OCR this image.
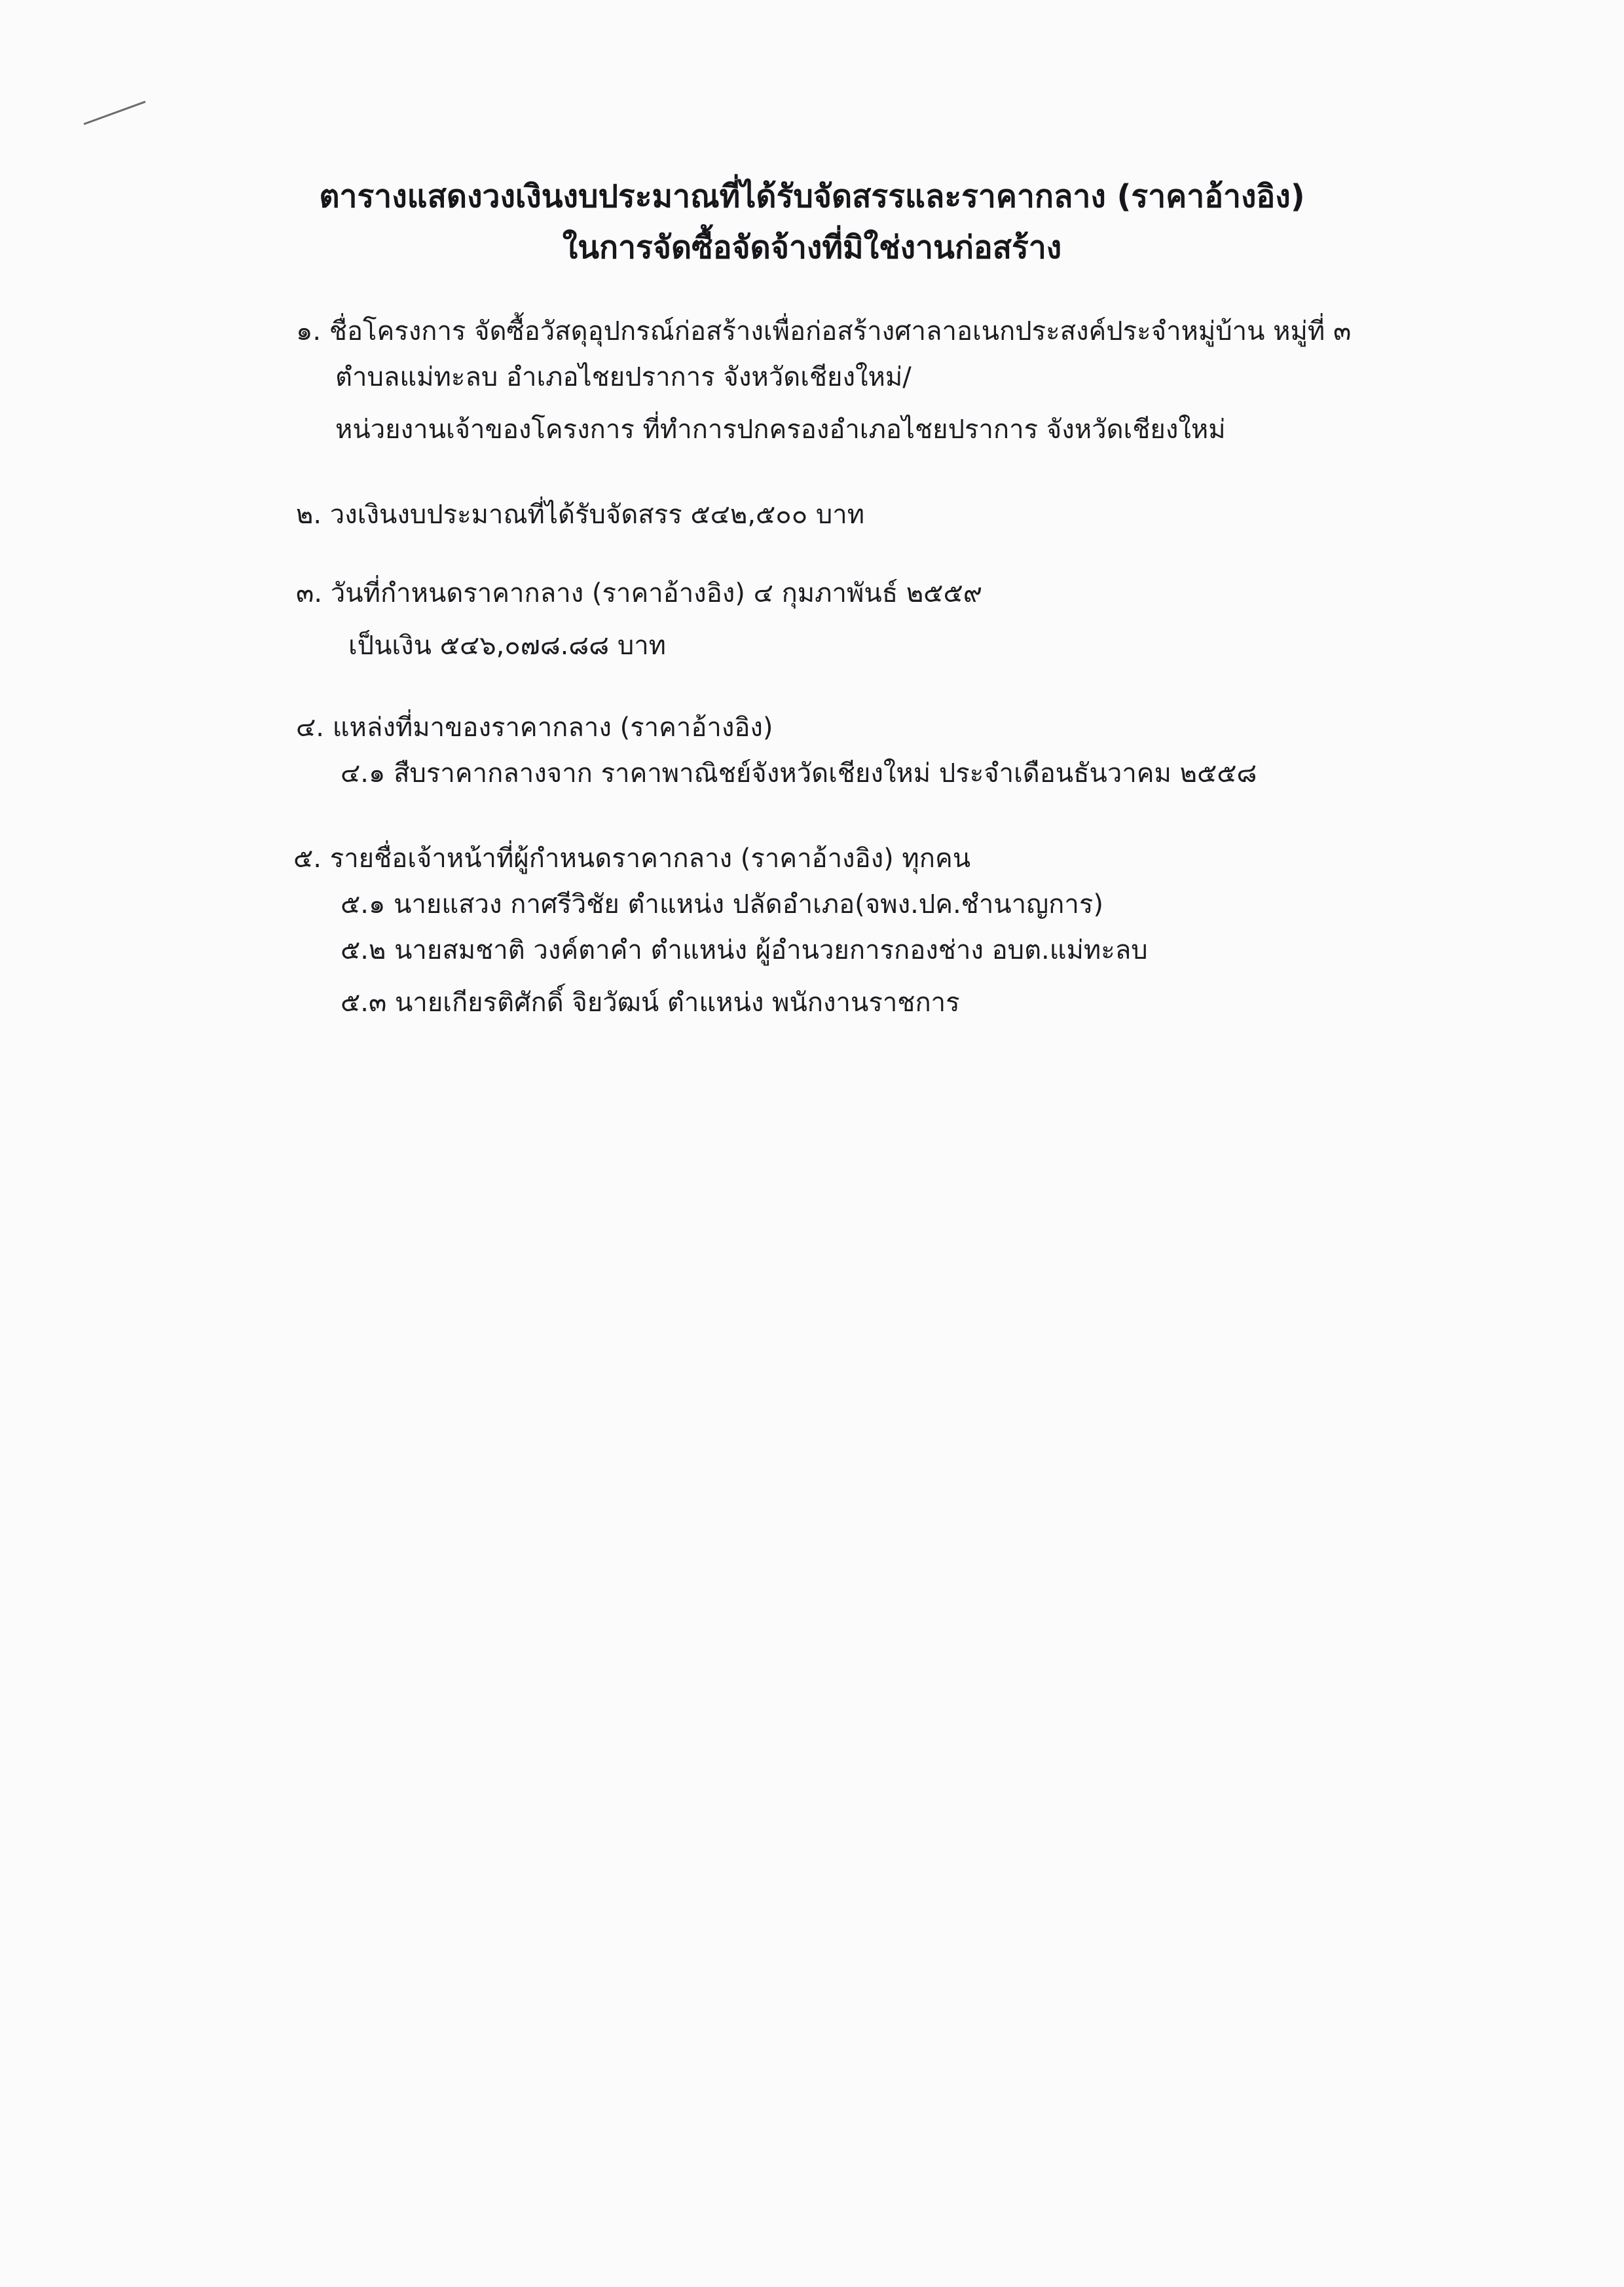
ตารางแสดงวงเงินงบประมาณที่ได้รับจัดสรรและราคากลาง (ราคาอ้างอิง)
ในการจัดซื้อจัดจ้างที่มิใช่งานก่อสร้าง
๑. ชื่อโครงการ จัดซื้อวัสดุอุปกรณ์ก่อสร้างเพื่อก่อสร้างศาลาอเนกประสงค์ประจำหมู่บ้าน หมู่ที่ ๓
ตำบลแม่ทะลบ อำเภอไชยปราการ จังหวัดเชียงใหม่/
หน่วยงานเจ้าของโครงการ ที่ทำการปกครองอำเภอไชยปราการ จังหวัดเชียงใหม่
๒. วงเงินงบประมาณที่ได้รับจัดสรร ๕๔๒,๕๐๐ บาท
๓. วันที่กำหนดราคากลาง (ราคาอ้างอิง) ๔ กุมภาพันธ์ ๒๕๕๙
เป็นเงิน ๕๔๖,๐๗๘.๘๘ บาท
๔. แหล่งที่มาของราคากลาง (ราคาอ้างอิง)
๔.๑ สืบราคากลางจาก ราคาพาณิชย์จังหวัดเชียงใหม่ ประจำเดือนธันวาคม ๒๕๕๘
๕. รายชื่อเจ้าหน้าที่ผู้กำหนดราคากลาง (ราคาอ้างอิง) ทุกคน
๕.๑ นายแสวง กาศรีวิชัย ตำแหน่ง ปลัดอำเภอ(จพง.ปค.ชำนาญการ)
๕.๒ นายสมชาติ วงค์ตาคำ ตำแหน่ง ผู้อำนวยการกองช่าง อบต.แม่ทะลบ
๕.๓ นายเกียรติศักดิ์ จิยวัฒน์ ตำแหน่ง พนักงานราชการ
